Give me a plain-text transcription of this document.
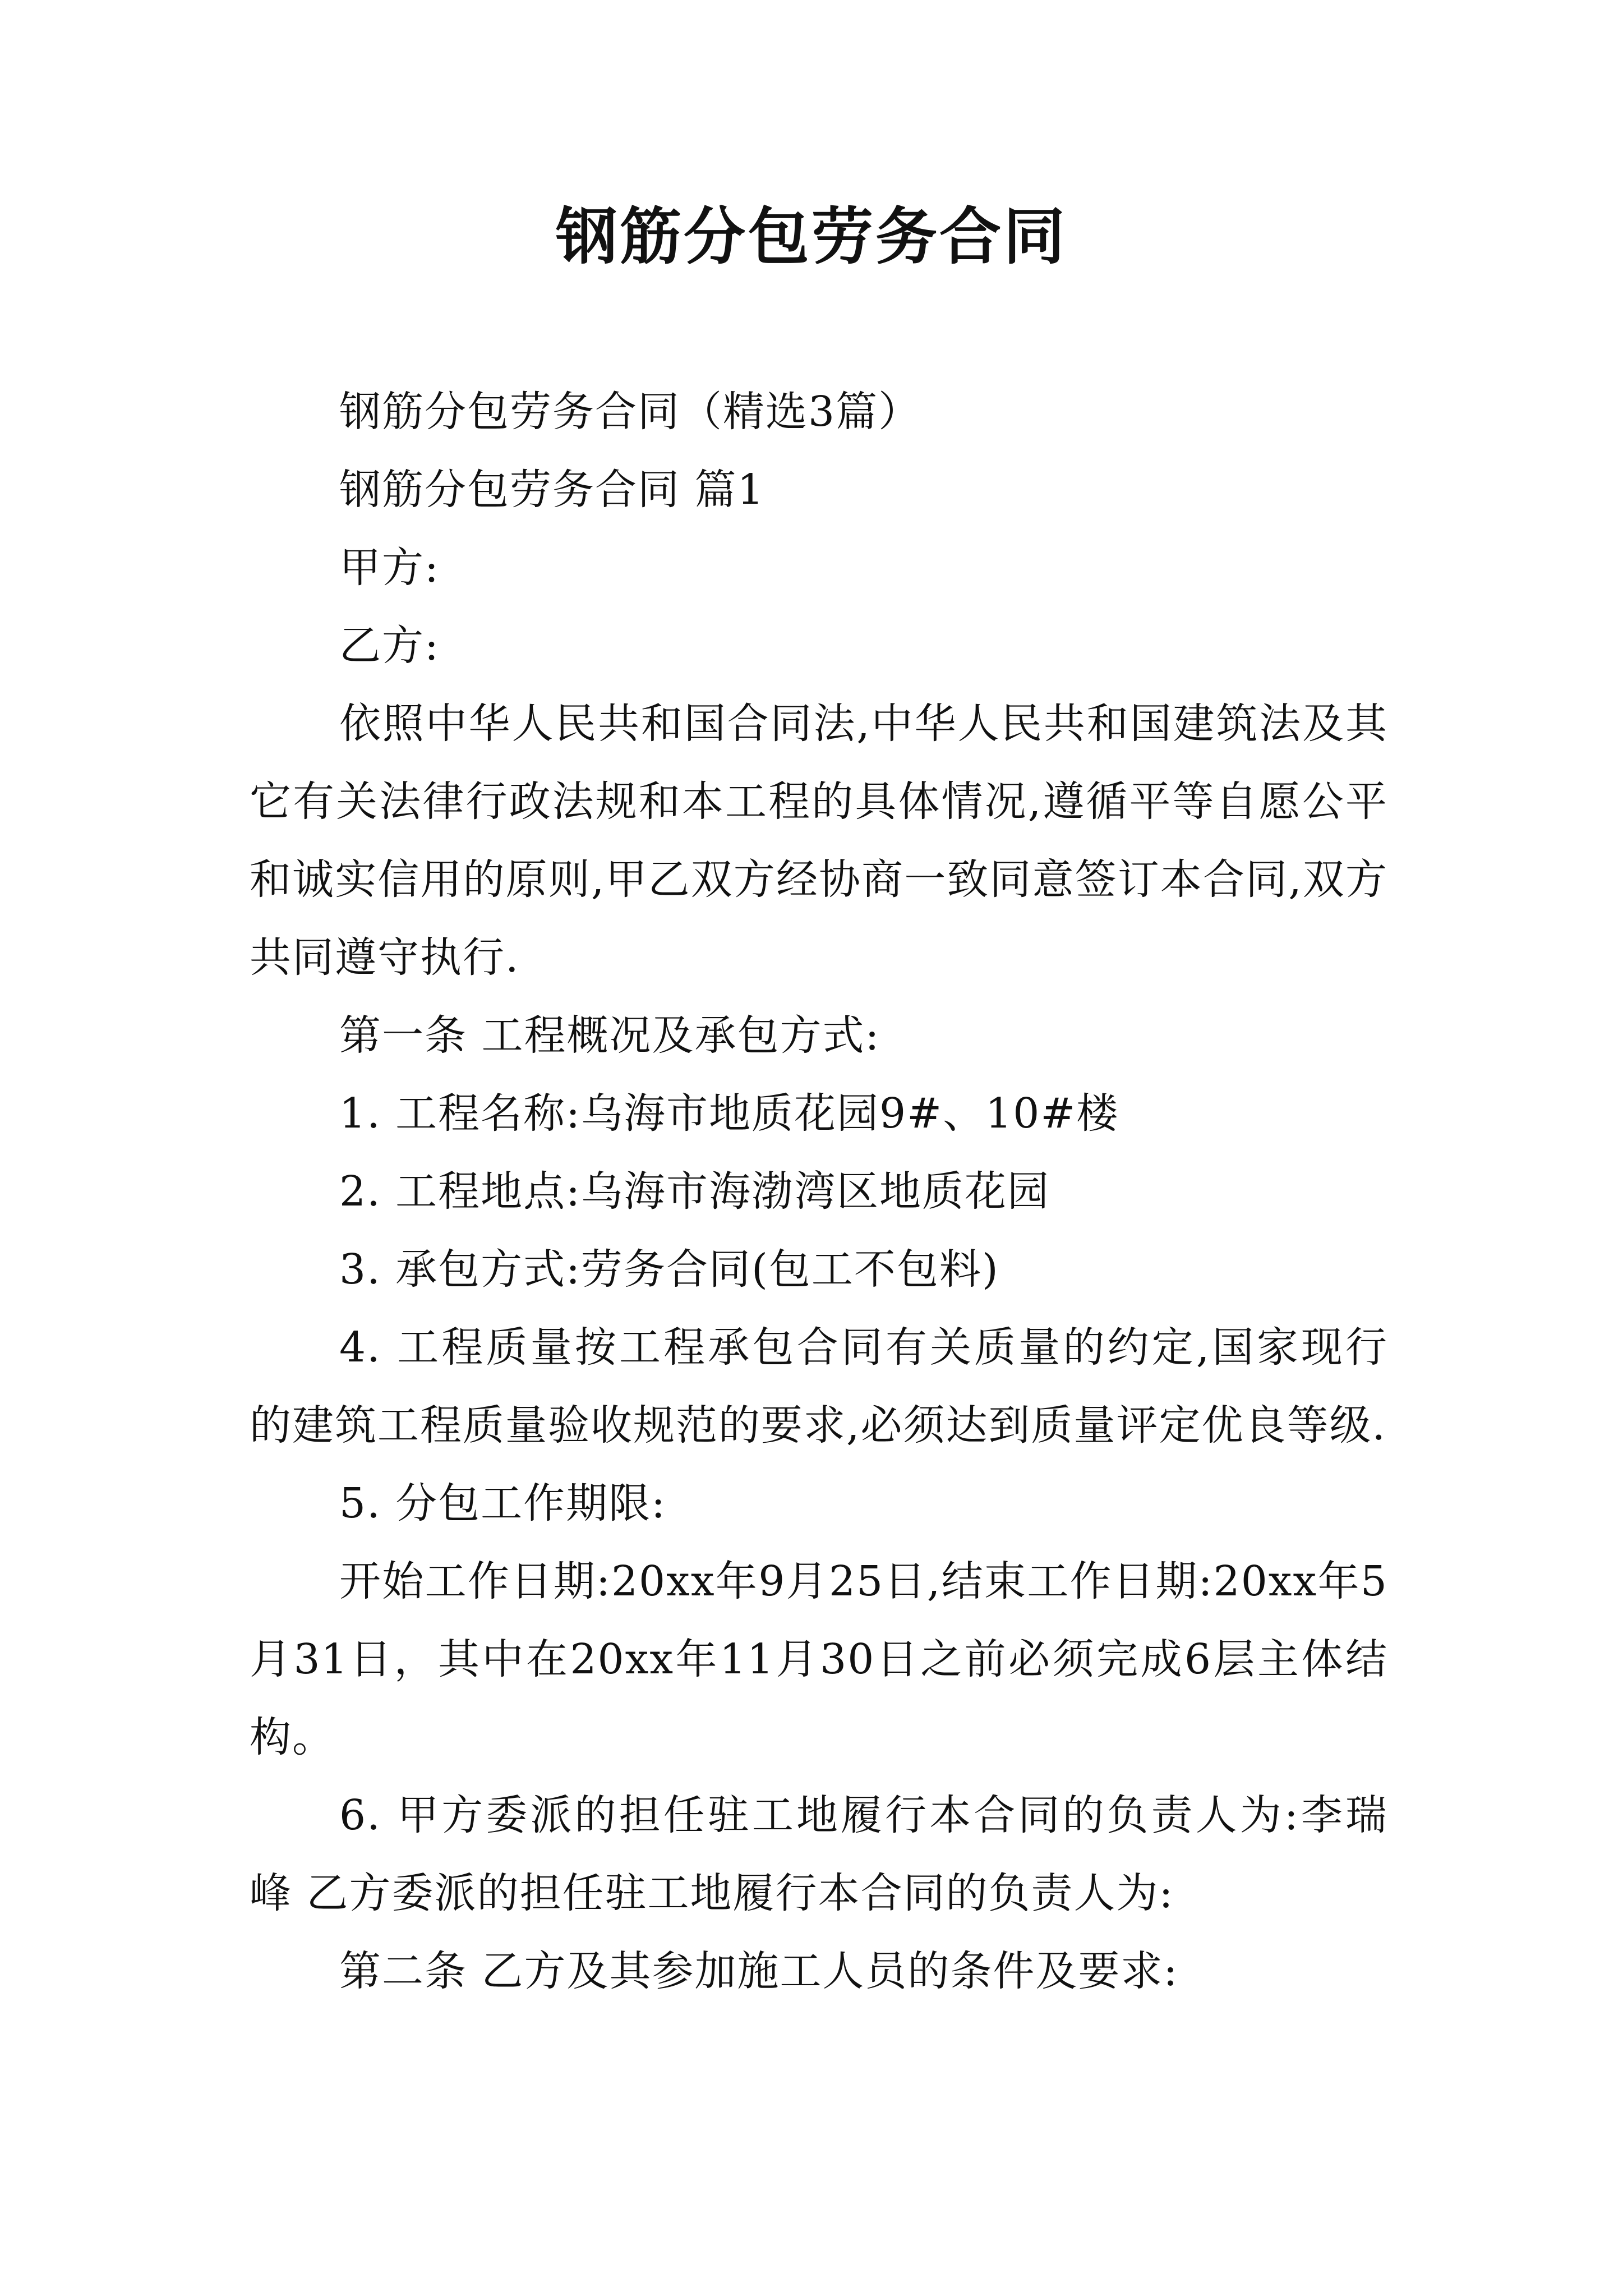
钢筋分包劳务合同

钢筋分包劳务合同（精选3篇）

钢筋分包劳务合同 篇1

甲方:

乙方:

依照中华人民共和国合同法,中华人民共和国建筑法及其它有关法律行政法规和本工程的具体情况,遵循平等自愿公平和诚实信用的原则,甲乙双方经协商一致同意签订本合同,双方共同遵守执行.

第一条 工程概况及承包方式:

1. 工程名称:乌海市地质花园9#、10#楼

2. 工程地点:乌海市海渤湾区地质花园

3. 承包方式:劳务合同(包工不包料)

4. 工程质量按工程承包合同有关质量的约定,国家现行的建筑工程质量验收规范的要求,必须达到质量评定优良等级.

5. 分包工作期限:

开始工作日期:20xx年9月25日,结束工作日期:20xx年5月31日，其中在20xx年11月30日之前必须完成6层主体结构。

6. 甲方委派的担任驻工地履行本合同的负责人为:李瑞峰 乙方委派的担任驻工地履行本合同的负责人为:

第二条 乙方及其参加施工人员的条件及要求:
